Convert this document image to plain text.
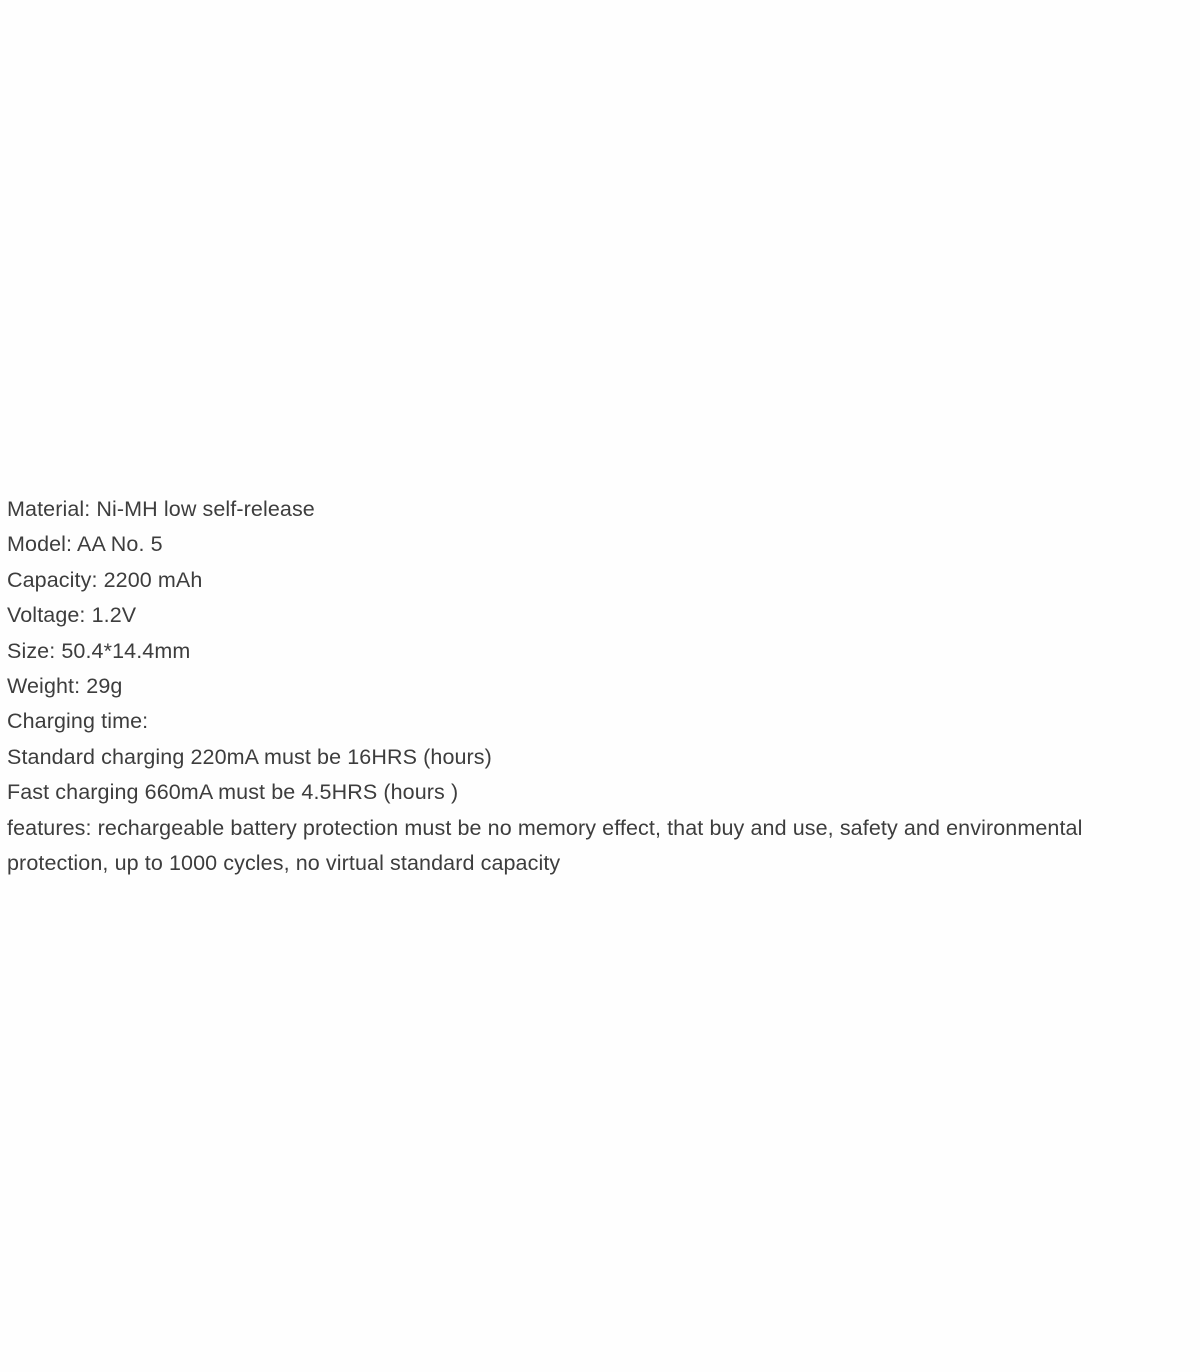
Material: Ni-MH low self-release
Model: AA No. 5
Capacity: 2200 mAh
Voltage: 1.2V
Size: 50.4*14.4mm
Weight: 29g
Charging time:
Standard charging 220mA must be 16HRS (hours)
Fast charging 660mA must be 4.5HRS (hours )
features: rechargeable battery protection must be no memory effect, that buy and use, safety and environmental
protection, up to 1000 cycles, no virtual standard capacity
